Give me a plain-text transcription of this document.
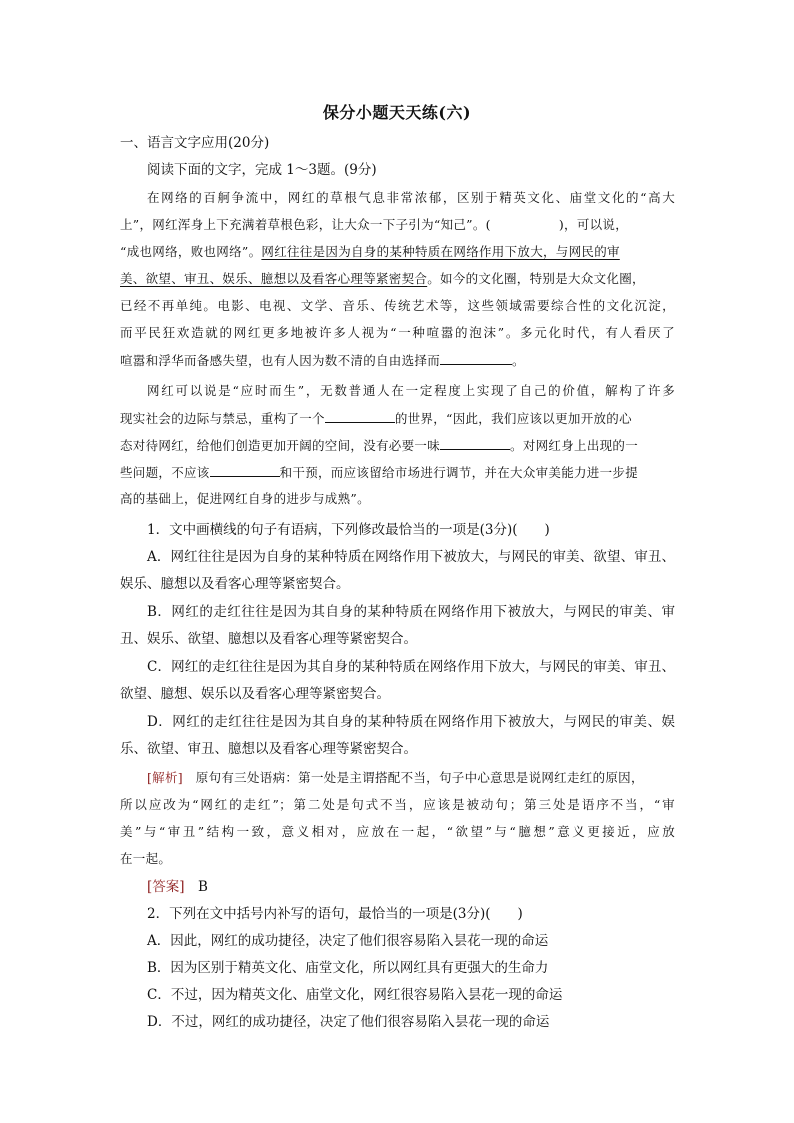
保分小题天天练(六)
一、语言文字应用(20分)
阅读下面的文字，完成 1～3题。(9分)
在网络的百舸争流中，网红的草根气息非常浓郁，区别于精英文化、庙堂文化的“高大
上”，网红浑身上下充满着草根色彩，让大众一下子引为“知己”。(	)，可以说，
“成也网络，败也网络”。网红往往是因为自身的某种特质在网络作用下放大，与网民的审
美、欲望、审丑、娱乐、臆想以及看客心理等紧密契合。如今的文化圈，特别是大众文化圈，
已经不再单纯。电影、电视、文学、音乐、传统艺术等，这些领域需要综合性的文化沉淀，
而平民狂欢造就的网红更多地被许多人视为“一种喧嚣的泡沫”。多元化时代，有人看厌了
喧嚣和浮华而备感失望，也有人因为数不清的自由选择而	。
网红可以说是“应时而生”，无数普通人在一定程度上实现了自己的价值，解构了许多
现实社会的边际与禁忌，重构了一个	的世界，“因此，我们应该以更加开放的心
态对待网红，给他们创造更加开阔的空间，没有必要一味	。对网红身上出现的一
些问题，不应该	和干预，而应该留给市场进行调节，并在大众审美能力进一步提
高的基础上，促进网红自身的进步与成熟”。
1．文中画横线的句子有语病，下列修改最恰当的一项是(3分)(　　)
A．网红往往是因为自身的某种特质在网络作用下被放大，与网民的审美、欲望、审丑、
娱乐、臆想以及看客心理等紧密契合。
B．网红的走红往往是因为其自身的某种特质在网络作用下被放大，与网民的审美、审
丑、娱乐、欲望、臆想以及看客心理等紧密契合。
C．网红的走红往往是因为其自身的某种特质在网络作用下放大，与网民的审美、审丑、
欲望、臆想、娱乐以及看客心理等紧密契合。
D．网红的走红往往是因为其自身的某种特质在网络作用下被放大，与网民的审美、娱
乐、欲望、审丑、臆想以及看客心理等紧密契合。
[解析]　原句有三处语病：第一处是主谓搭配不当，句子中心意思是说网红走红的原因，
所以应改为“网红的走红”；第二处是句式不当，应该是被动句；第三处是语序不当，“审
美”与“审丑”结构一致，意义相对，应放在一起，“欲望”与“臆想”意义更接近，应放
在一起。
[答案]　B
2．下列在文中括号内补写的语句，最恰当的一项是(3分)(　　)
A．因此，网红的成功捷径，决定了他们很容易陷入昙花一现的命运
B．因为区别于精英文化、庙堂文化，所以网红具有更强大的生命力
C．不过，因为精英文化、庙堂文化，网红很容易陷入昙花一现的命运
D．不过，网红的成功捷径，决定了他们很容易陷入昙花一现的命运
